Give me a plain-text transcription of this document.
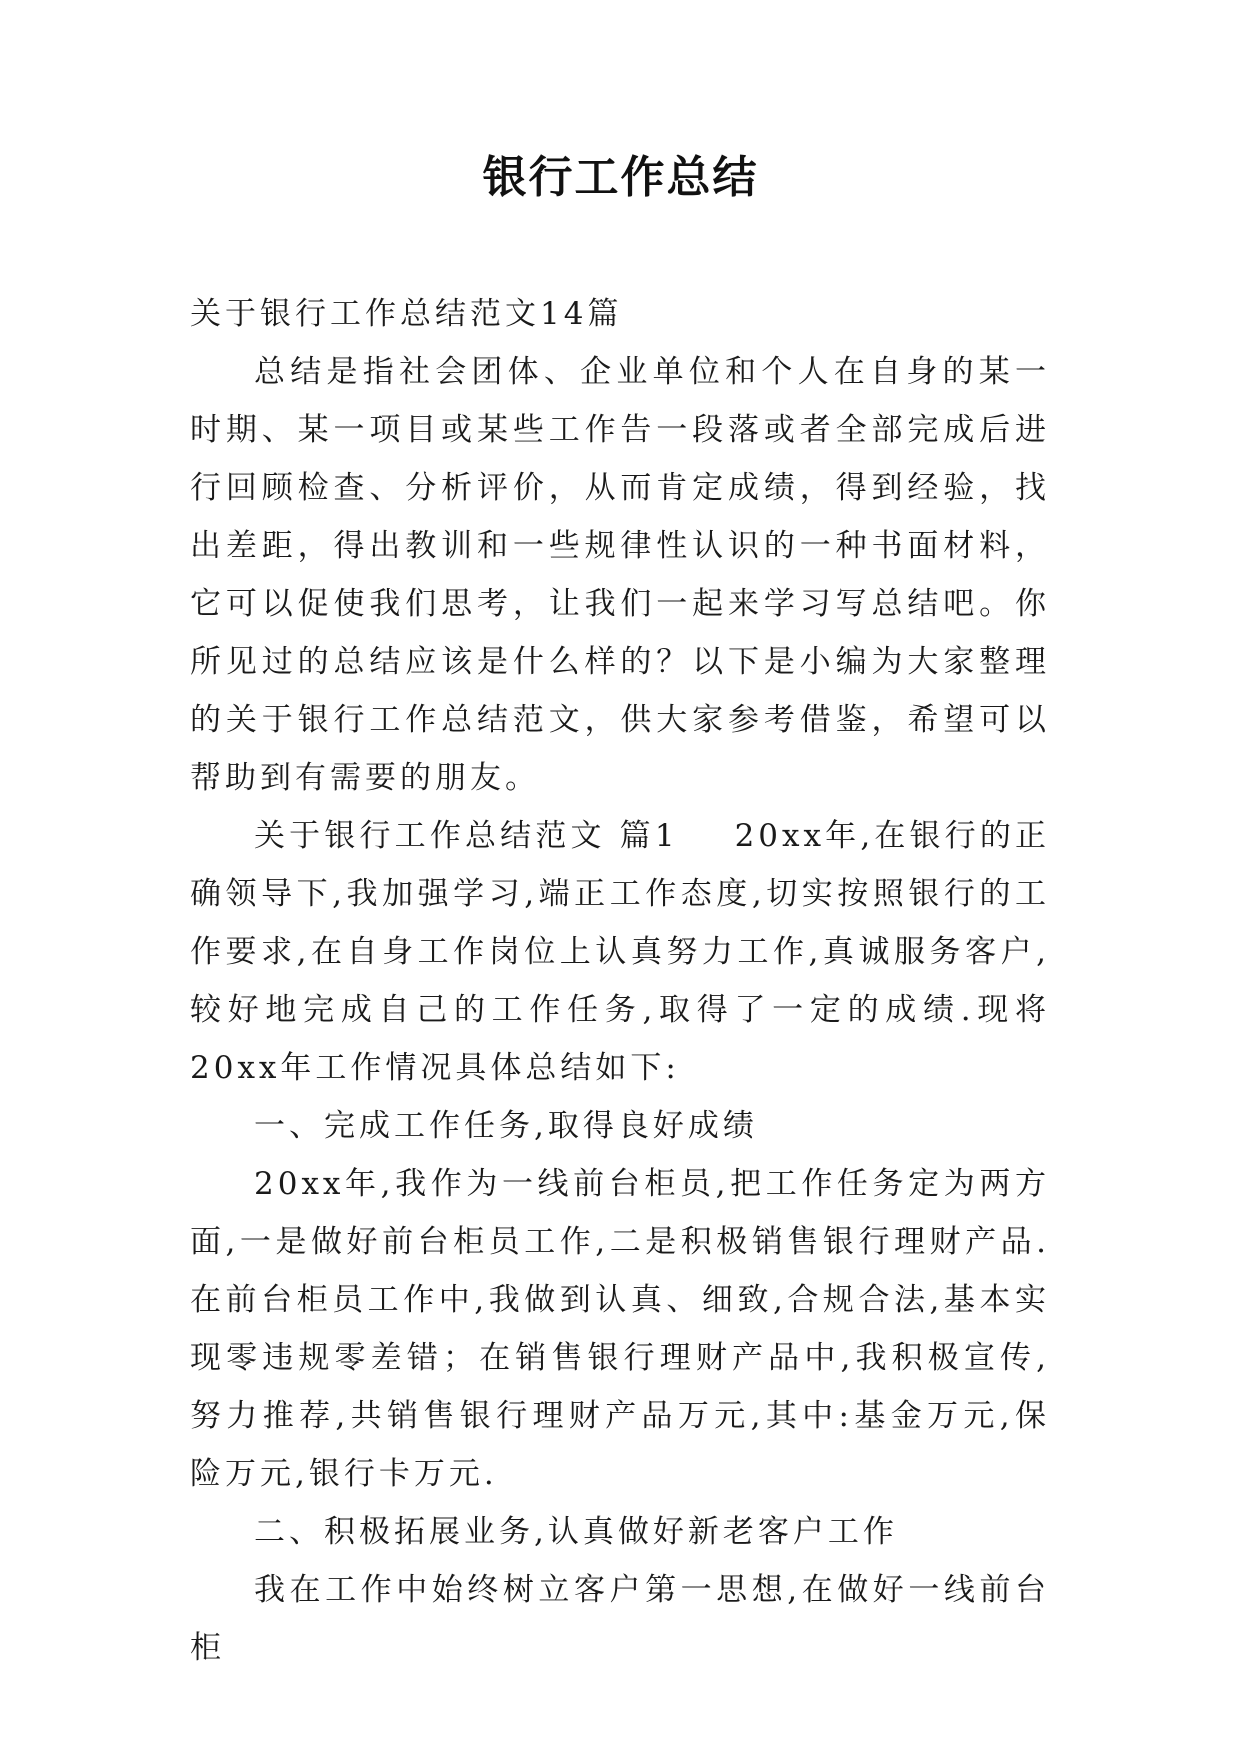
银行工作总结

关于银行工作总结范文14篇

总结是指社会团体、企业单位和个人在自身的某一时期、某一项目或某些工作告一段落或者全部完成后进行回顾检查、分析评价，从而肯定成绩，得到经验，找出差距，得出教训和一些规律性认识的一种书面材料，它可以促使我们思考，让我们一起来学习写总结吧。你所见过的总结应该是什么样的？以下是小编为大家整理的关于银行工作总结范文，供大家参考借鉴，希望可以帮助到有需要的朋友。

关于银行工作总结范文 篇1 20xx年,在银行的正确领导下,我加强学习,端正工作态度,切实按照银行的工作要求,在自身工作岗位上认真努力工作,真诚服务客户,较好地完成自己的工作任务,取得了一定的成绩.现将20xx年工作情况具体总结如下:

一、完成工作任务,取得良好成绩

20xx年,我作为一线前台柜员,把工作任务定为两方面,一是做好前台柜员工作,二是积极销售银行理财产品.在前台柜员工作中,我做到认真、细致,合规合法,基本实现零违规零差错；在销售银行理财产品中,我积极宣传,努力推荐,共销售银行理财产品万元,其中:基金万元,保险万元,银行卡万元.

二、积极拓展业务,认真做好新老客户工作

我在工作中始终树立客户第一思想,在做好一线前台柜
